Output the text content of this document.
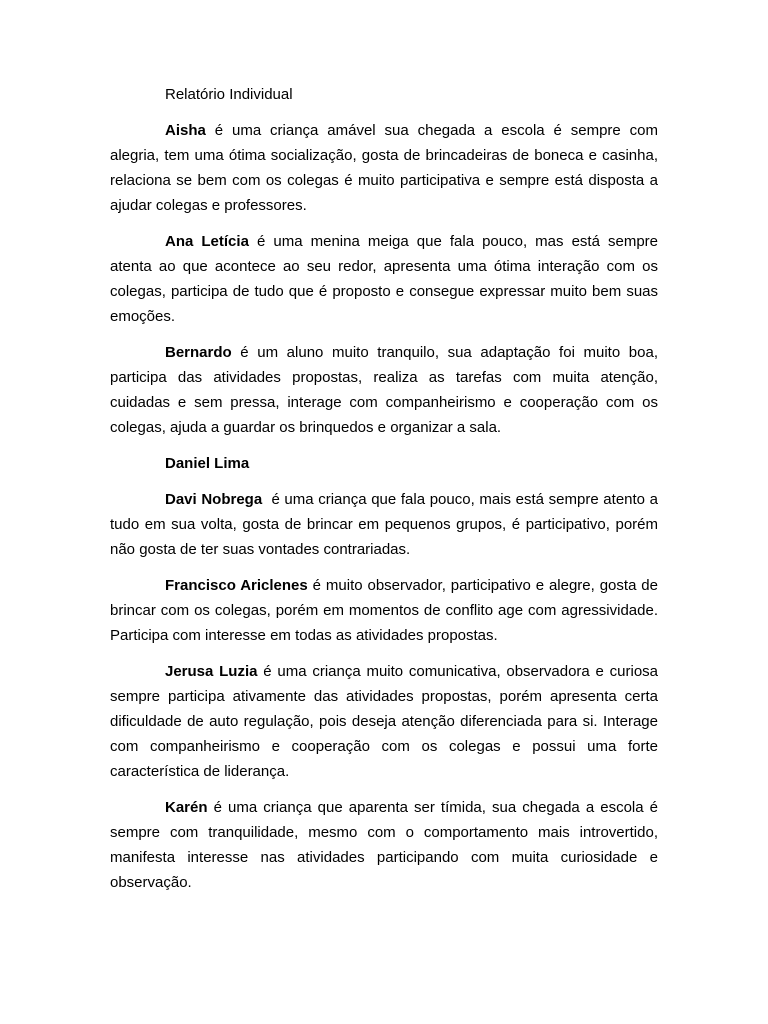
Relatório Individual

Aisha é uma criança amável sua chegada a escola é sempre com alegria, tem uma ótima socialização, gosta de brincadeiras de boneca e casinha, relaciona se bem com os colegas é muito participativa e sempre está disposta a ajudar colegas e professores.

Ana Letícia é uma menina meiga que fala pouco, mas está sempre atenta ao que acontece ao seu redor, apresenta uma ótima interação com os colegas, participa de tudo que é proposto e consegue expressar muito bem suas emoções.

Bernardo é um aluno muito tranquilo, sua adaptação foi muito boa, participa das atividades propostas, realiza as tarefas com muita atenção, cuidadas e sem pressa, interage com companheirismo e cooperação com os colegas, ajuda a guardar os brinquedos e organizar a sala.

Daniel Lima

Davi Nobrega  é uma criança que fala pouco, mais está sempre atento a tudo em sua volta, gosta de brincar em pequenos grupos, é participativo, porém não gosta de ter suas vontades contrariadas.

Francisco Ariclenes é muito observador, participativo e alegre, gosta de brincar com os colegas, porém em momentos de conflito age com agressividade. Participa com interesse em todas as atividades propostas.

Jerusa Luzia é uma criança muito comunicativa, observadora e curiosa sempre participa ativamente das atividades propostas, porém apresenta certa dificuldade de auto regulação, pois deseja atenção diferenciada para si. Interage com companheirismo e cooperação com os colegas e possui uma forte característica de liderança.

Karén é uma criança que aparenta ser tímida, sua chegada a escola é sempre com tranquilidade, mesmo com o comportamento mais introvertido, manifesta interesse nas atividades participando com muita curiosidade e observação.
